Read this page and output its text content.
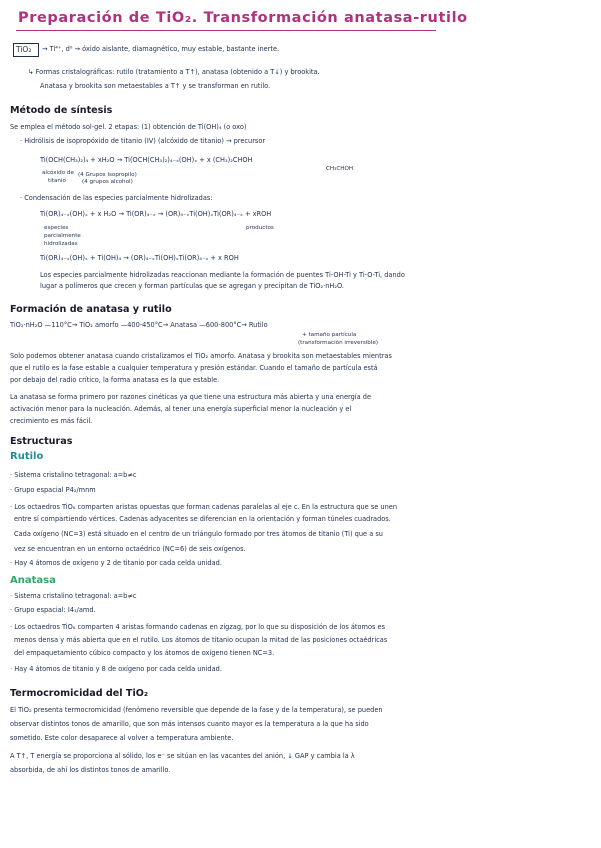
Preparación de TiO₂. Transformación anatasa-rutilo
TiO₂ → Ti⁴⁺, d⁰ → óxido aislante, diamagnético, muy estable, bastante inerte.
↳ Formas cristalográficas: rutilo (tratamiento a T↑), anatasa (obtenido a T↓) y brookita.
Anatasa y brookita son metaestables a T↑ y se transforman en rutilo.
Método de síntesis
Se emplea el método sol-gel. 2 etapas: (1) obtención de Ti(OH)₄ (o oxo)
· Hidrólisis de isopropóxido de titanio (IV) (alcóxido de titanio) → precursor
Ti(OCH(CH₃)₂)₄ + xH₂O → Ti(OCH(CH₃)₂)₄₋ₓ(OH)ₓ + x (CH₃)₂CHOH
alcóxido de
titanio
(4 Grupos Isopropilo)
(4 grupos alcohol)
CH₃CHOH
· Condensación de las especies parcialmente hidrolizadas:
Ti(OR)₄₋ₓ(OH)ₓ + x H₂O → Ti(OR)₄₋ₓ → (OR)₄₋ₓTi(OH)ₓTi(OR)₄₋ₓ + xROH
especies
parcialmente
hidrolizadas
productos
Ti(OR)₄₋ₓ(OH)ₓ + Ti(OH)₄ → (OR)₄₋ₓTi(OH)ₓTi(OR)₄₋ₓ + x ROH
Los especies parcialmente hidrolizadas reaccionan mediante la formación de puentes Ti-OH-Ti y Ti-O-Ti, dando
lugar a polímeros que crecen y forman partículas que se agregan y precipitan de TiO₂·nH₂O.
Formación de anatasa y rutilo
TiO₂·nH₂O —110°C→ TiO₂ amorfo —400-450°C→ Anatasa —600-800°C→ Rutilo
+ tamaño partícula
(transformación irreversible)
Solo podemos obtener anatasa cuando cristalizamos el TiO₂ amorfo. Anatasa y brookita son metaestables mientras
que el rutilo es la fase estable a cualquier temperatura y presión estándar. Cuando el tamaño de partícula está
por debajo del radio crítico, la forma anatasa es la que estable.
La anatasa se forma primero por razones cinéticas ya que tiene una estructura más abierta y una energía de
activación menor para la nucleación. Además, al tener una energía superficial menor la nucleación y el
crecimiento es más fácil.
Estructuras
Rutilo
· Sistema cristalino tetragonal: a=b≠c
· Grupo espacial P4₂/mnm
· Los octaedros TiO₆ comparten aristas opuestas que forman cadenas paralelas al eje c. En la estructura que se unen
entre sí compartiendo vértices. Cadenas adyacentes se diferencian en la orientación y forman túneles cuadrados.
Cada oxígeno (NC=3) está situado en el centro de un triángulo formado por tres átomos de titanio (Ti) que a su
vez se encuentran en un entorno octaédrico (NC=6) de seis oxígenos.
· Hay 4 átomos de oxígeno y 2 de titanio por cada celda unidad.
Anatasa
· Sistema cristalino tetragonal: a=b≠c
· Grupo espacial: I4₁/amd.
· Los octaedros TiO₆ comparten 4 aristas formando cadenas en zigzag, por lo que su disposición de los átomos es
menos densa y más abierta que en el rutilo. Los átomos de titanio ocupan la mitad de las posiciones octaédricas
del empaquetamiento cúbico compacto y los átomos de oxígeno tienen NC=3.
· Hay 4 átomos de titanio y 8 de oxígeno por cada celda unidad.
Termocromicidad del TiO₂
El TiO₂ presenta termocromicidad (fenómeno reversible que depende de la fase y de la temperatura), se pueden
observar distintos tonos de amarillo, que son más intensos cuanto mayor es la temperatura a la que ha sido
sometido. Este color desaparece al volver a temperatura ambiente.
A T↑, T energía se proporciona al sólido, los e⁻ se sitúan en las vacantes del anión, ↓ GAP y cambia la λ
absorbida, de ahí los distintos tonos de amarillo.
